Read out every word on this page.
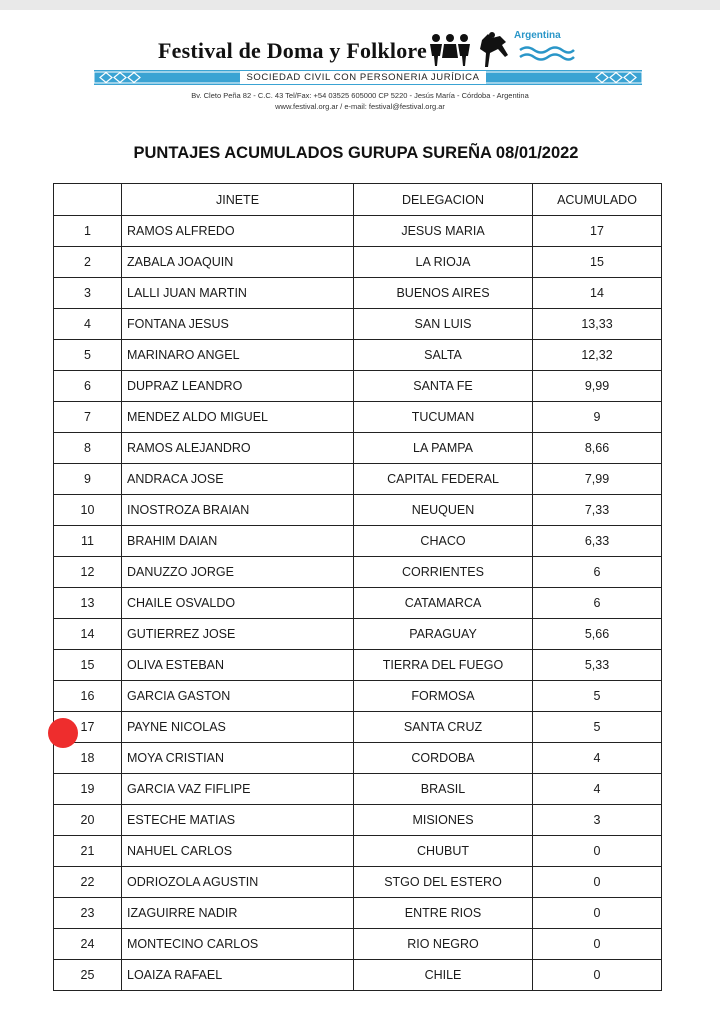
Festival de Doma y Folklore
Argentina
SOCIEDAD CIVIL CON PERSONERIA JURÍDICA
Bv. Cleto Peña 82 - C.C. 43 Tel/Fax: +54 03525 605000 CP 5220 - Jesús María - Córdoba - Argentina
www.festival.org.ar / e-mail: festival@festival.org.ar
PUNTAJES ACUMULADOS GURUPA SUREÑA 08/01/2022
	JINETE	DELEGACION	ACUMULADO
1	RAMOS ALFREDO	JESUS MARIA	17
2	ZABALA JOAQUIN	LA RIOJA	15
3	LALLI JUAN MARTIN	BUENOS AIRES	14
4	FONTANA JESUS	SAN LUIS	13,33
5	MARINARO ANGEL	SALTA	12,32
6	DUPRAZ LEANDRO	SANTA FE	9,99
7	MENDEZ ALDO MIGUEL	TUCUMAN	9
8	RAMOS ALEJANDRO	LA PAMPA	8,66
9	ANDRACA JOSE	CAPITAL FEDERAL	7,99
10	INOSTROZA BRAIAN	NEUQUEN	7,33
11	BRAHIM DAIAN	CHACO	6,33
12	DANUZZO JORGE	CORRIENTES	6
13	CHAILE OSVALDO	CATAMARCA	6
14	GUTIERREZ JOSE	PARAGUAY	5,66
15	OLIVA ESTEBAN	TIERRA DEL FUEGO	5,33
16	GARCIA GASTON	FORMOSA	5
17	PAYNE NICOLAS	SANTA CRUZ	5
18	MOYA CRISTIAN	CORDOBA	4
19	GARCIA VAZ FIFLIPE	BRASIL	4
20	ESTECHE MATIAS	MISIONES	3
21	NAHUEL CARLOS	CHUBUT	0
22	ODRIOZOLA AGUSTIN	STGO DEL ESTERO	0
23	IZAGUIRRE NADIR	ENTRE RIOS	0
24	MONTECINO CARLOS	RIO NEGRO	0
25	LOAIZA RAFAEL	CHILE	0
